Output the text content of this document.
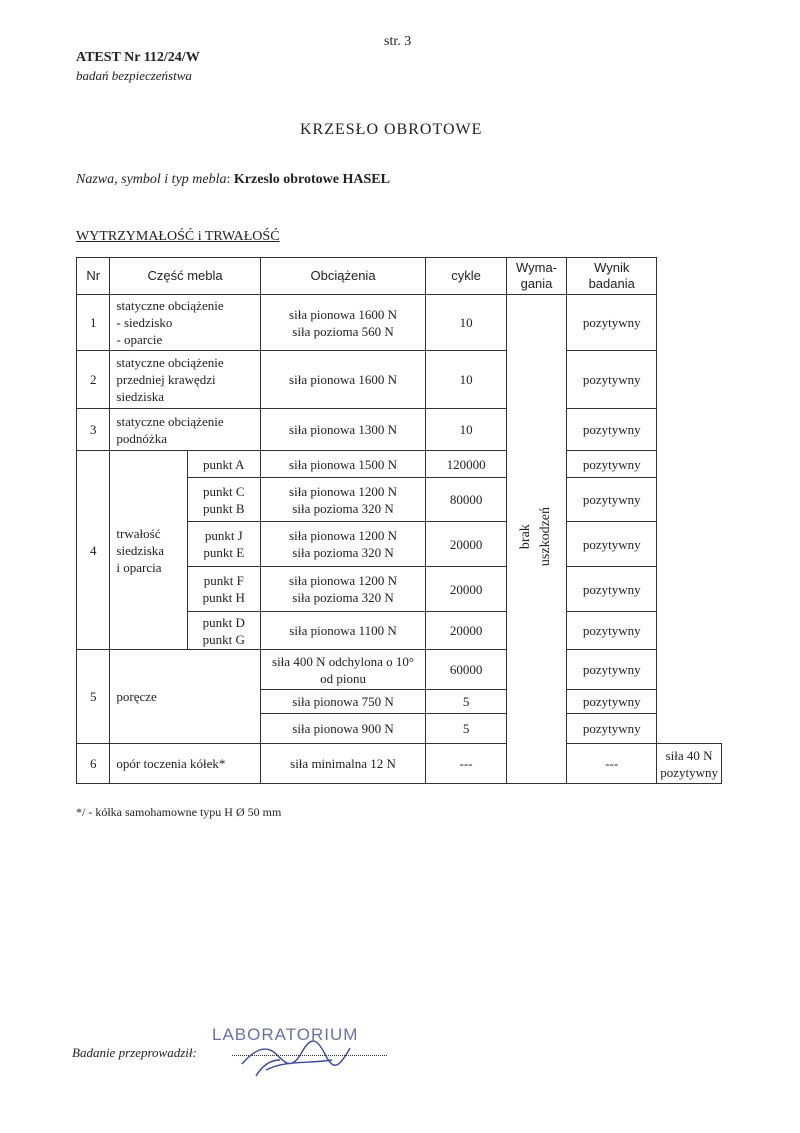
str. 3
ATEST Nr 112/24/W
badań bezpieczeństwa
KRZESŁO OBROTOWE
Nazwa, symbol i typ mebla: Krzeslo obrotowe HASEL
WYTRZYMAŁOŚĆ i TRWAŁOŚĆ
Nr	Część mebla		Obciążenia	cykle	Wyma-
gania	Wynik
badania	
1	statyczne obciążenie
- siedzisko
- oparcie		siła pionowa 1600 N
siła pozioma 560 N	10	brak
uszkodzeń	pozytywny	
2	statyczne obciążenie
przedniej krawędzi
siedziska		siła pionowa 1600 N	10		pozytywny	
3	statyczne obciążenie
podnóżka		siła pionowa 1300 N	10		pozytywny	
4	trwałość
siedziska
i oparcia	punkt A	siła pionowa 1500 N	120000		pozytywny	
		punkt C
punkt B	siła pionowa 1200 N
siła pozioma 320 N	80000		pozytywny	
		punkt J
punkt E	siła pionowa 1200 N
siła pozioma 320 N	20000		pozytywny	
		punkt F
punkt H	siła pionowa 1200 N
siła pozioma 320 N	20000		pozytywny	
		punkt D
punkt G	siła pionowa 1100 N	20000		pozytywny	
5	poręcze		siła 400 N odchylona o 10°
od pionu	60000		pozytywny	
			siła pionowa 750 N	5		pozytywny	
			siła pionowa 900 N	5		pozytywny	
6	opór toczenia kółek*		siła minimalna 12 N	---		---	siła 40 N
pozytywny
*/ - kółka samohamowne typu H Ø 50 mm
LABORATORIUM
Badanie przeprowadził:
